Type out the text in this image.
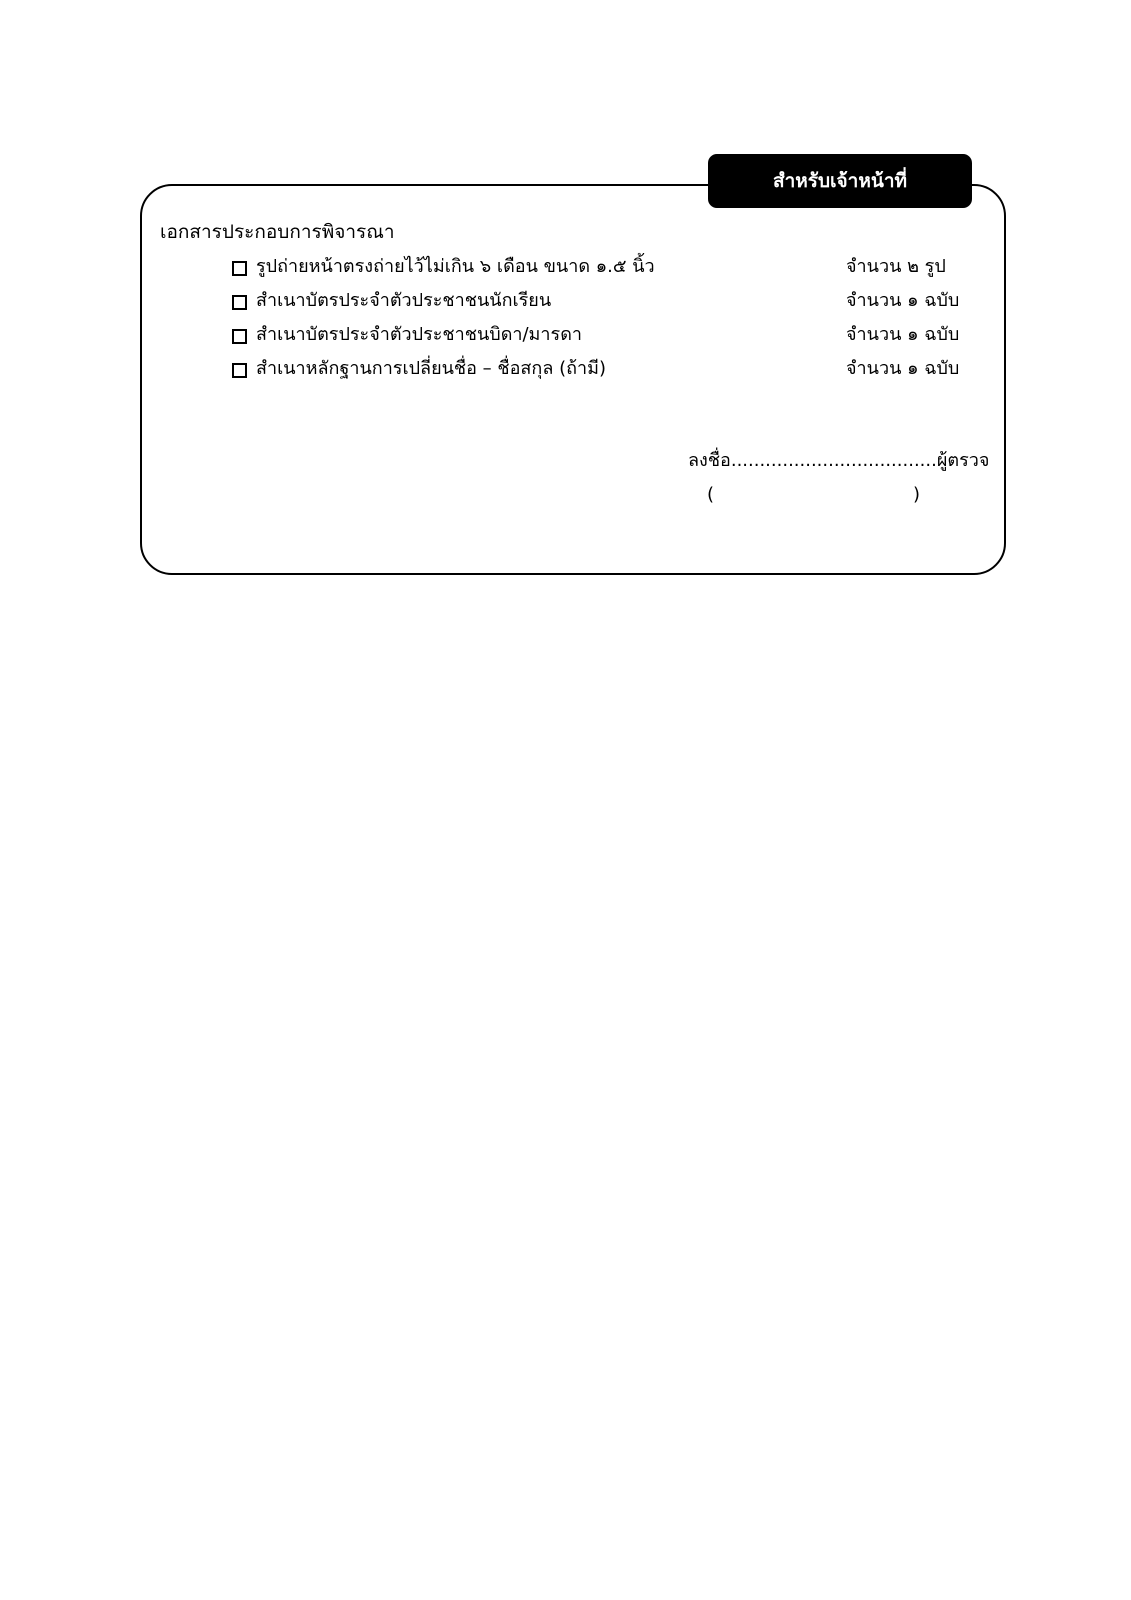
สำหรับเจ้าหน้าที่
เอกสารประกอบการพิจารณา
รูปถ่ายหน้าตรงถ่ายไว้ไม่เกิน ๖ เดือน ขนาด ๑.๕ นิ้ว	จำนวน ๒ รูป
สำเนาบัตรประจำตัวประชาชนนักเรียน	จำนวน ๑ ฉบับ
สำเนาบัตรประจำตัวประชาชนบิดา/มารดา	จำนวน ๑ ฉบับ
สำเนาหลักฐานการเปลี่ยนชื่อ – ชื่อสกุล (ถ้ามี)	จำนวน ๑ ฉบับ
ลงชื่อ....................................ผู้ตรวจ
(	)
